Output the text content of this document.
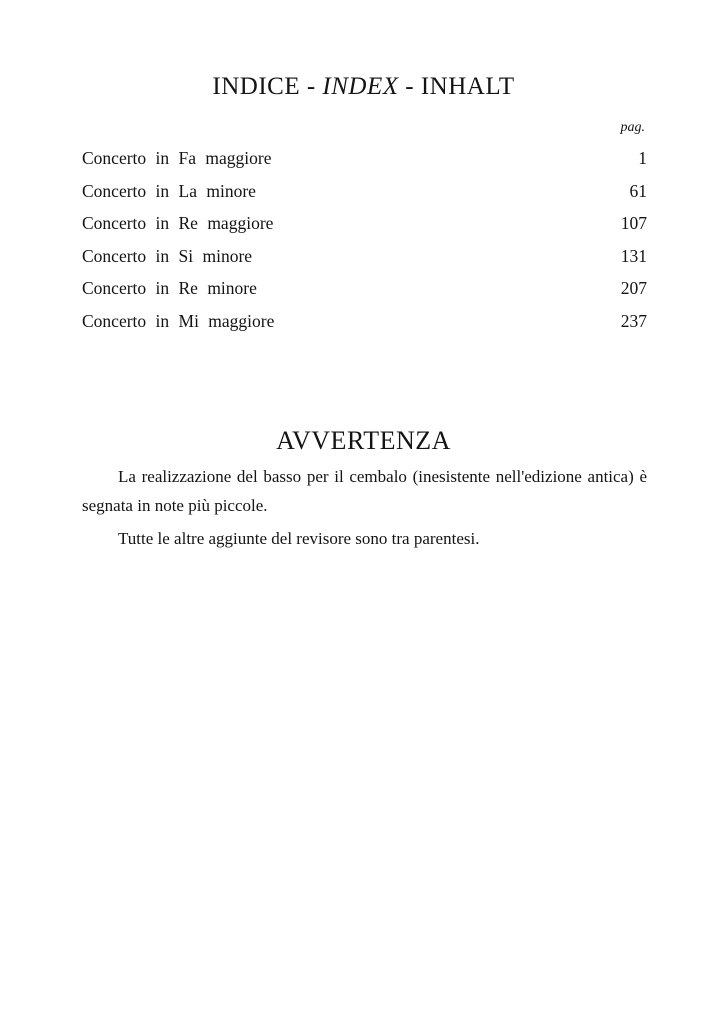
INDICE - INDEX - INHALT
pag.
Concerto in Fa maggiore	1
Concerto in La minore	61
Concerto in Re maggiore	107
Concerto in Si minore	131
Concerto in Re minore	207
Concerto in Mi maggiore	237
AVVERTENZA

La realizzazione del basso per il cembalo (inesistente nell'edizione antica) è segnata in note più piccole.

Tutte le altre aggiunte del revisore sono tra parentesi.
